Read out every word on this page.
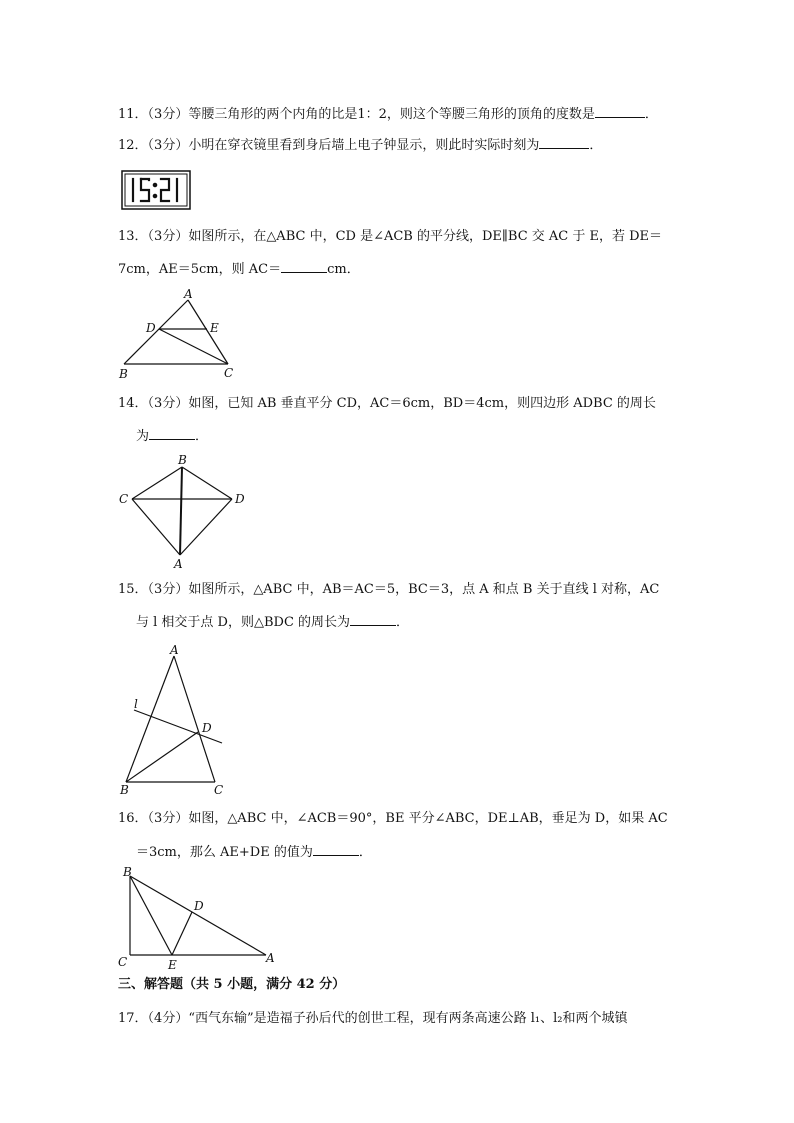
11．（3分）等腰三角形的两个内角的比是1：2，则这个等腰三角形的顶角的度数是	．
12．（3分）小明在穿衣镜里看到身后墙上电子钟显示，则此时实际时刻为	．
13．（3分）如图所示，在△ABC 中，CD 是∠ACB 的平分线，DE∥BC 交 AC 于 E，若 DE＝
7cm，AE＝5cm，则 AC＝	cm．
A
D	E
B	C
14．（3分）如图，已知 AB 垂直平分 CD，AC＝6cm，BD＝4cm，则四边形 ADBC 的周长
为	．
B
C	D
A
15．（3分）如图所示，△ABC 中，AB＝AC＝5，BC＝3，点 A 和点 B 关于直线 l 对称，AC
与 l 相交于点 D，则△BDC 的周长为	．
A
l
D
B	C
16．（3分）如图，△ABC 中，∠ACB＝90°，BE 平分∠ABC，DE⊥AB，垂足为 D，如果 AC
＝3cm，那么 AE+DE 的值为	．
B
D
C	E	A
三、解答题（共 5 小题，满分 42 分）
17．（4分）“西气东输”是造福子孙后代的创世工程，现有两条高速公路 l₁、l₂和两个城镇
